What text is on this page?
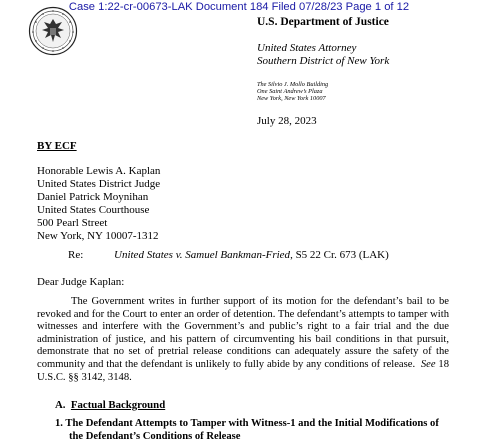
Case 1:22-cr-00673-LAK Document 184 Filed 07/28/23 Page 1 of 12
U.S. Department of Justice
United States Attorney
Southern District of New York
The Silvio J. Mollo Building
One Saint Andrew’s Plaza
New York, New York 10007
July 28, 2023
BY ECF
Honorable Lewis A. Kaplan
United States District Judge
Daniel Patrick Moynihan
United States Courthouse
500 Pearl Street
New York, NY 10007-1312
Re:	United States v. Samuel Bankman-Fried, S5 22 Cr. 673 (LAK)
Dear Judge Kaplan:
The Government writes in further support of its motion for the defendant’s bail to be
revoked and for the Court to enter an order of detention. The defendant’s attempts to tamper with
witnesses and interfere with the Government’s and public’s right to a fair trial and the due
administration of justice, and his pattern of circumventing his bail conditions in that pursuit,
demonstrate that no set of pretrial release conditions can adequately assure the safety of the
community and that the defendant is unlikely to fully abide by any conditions of release. See 18
U.S.C. §§ 3142, 3148.
A. Factual Background
1. The Defendant Attempts to Tamper with Witness-1 and the Initial Modifications of
the Defendant’s Conditions of Release
